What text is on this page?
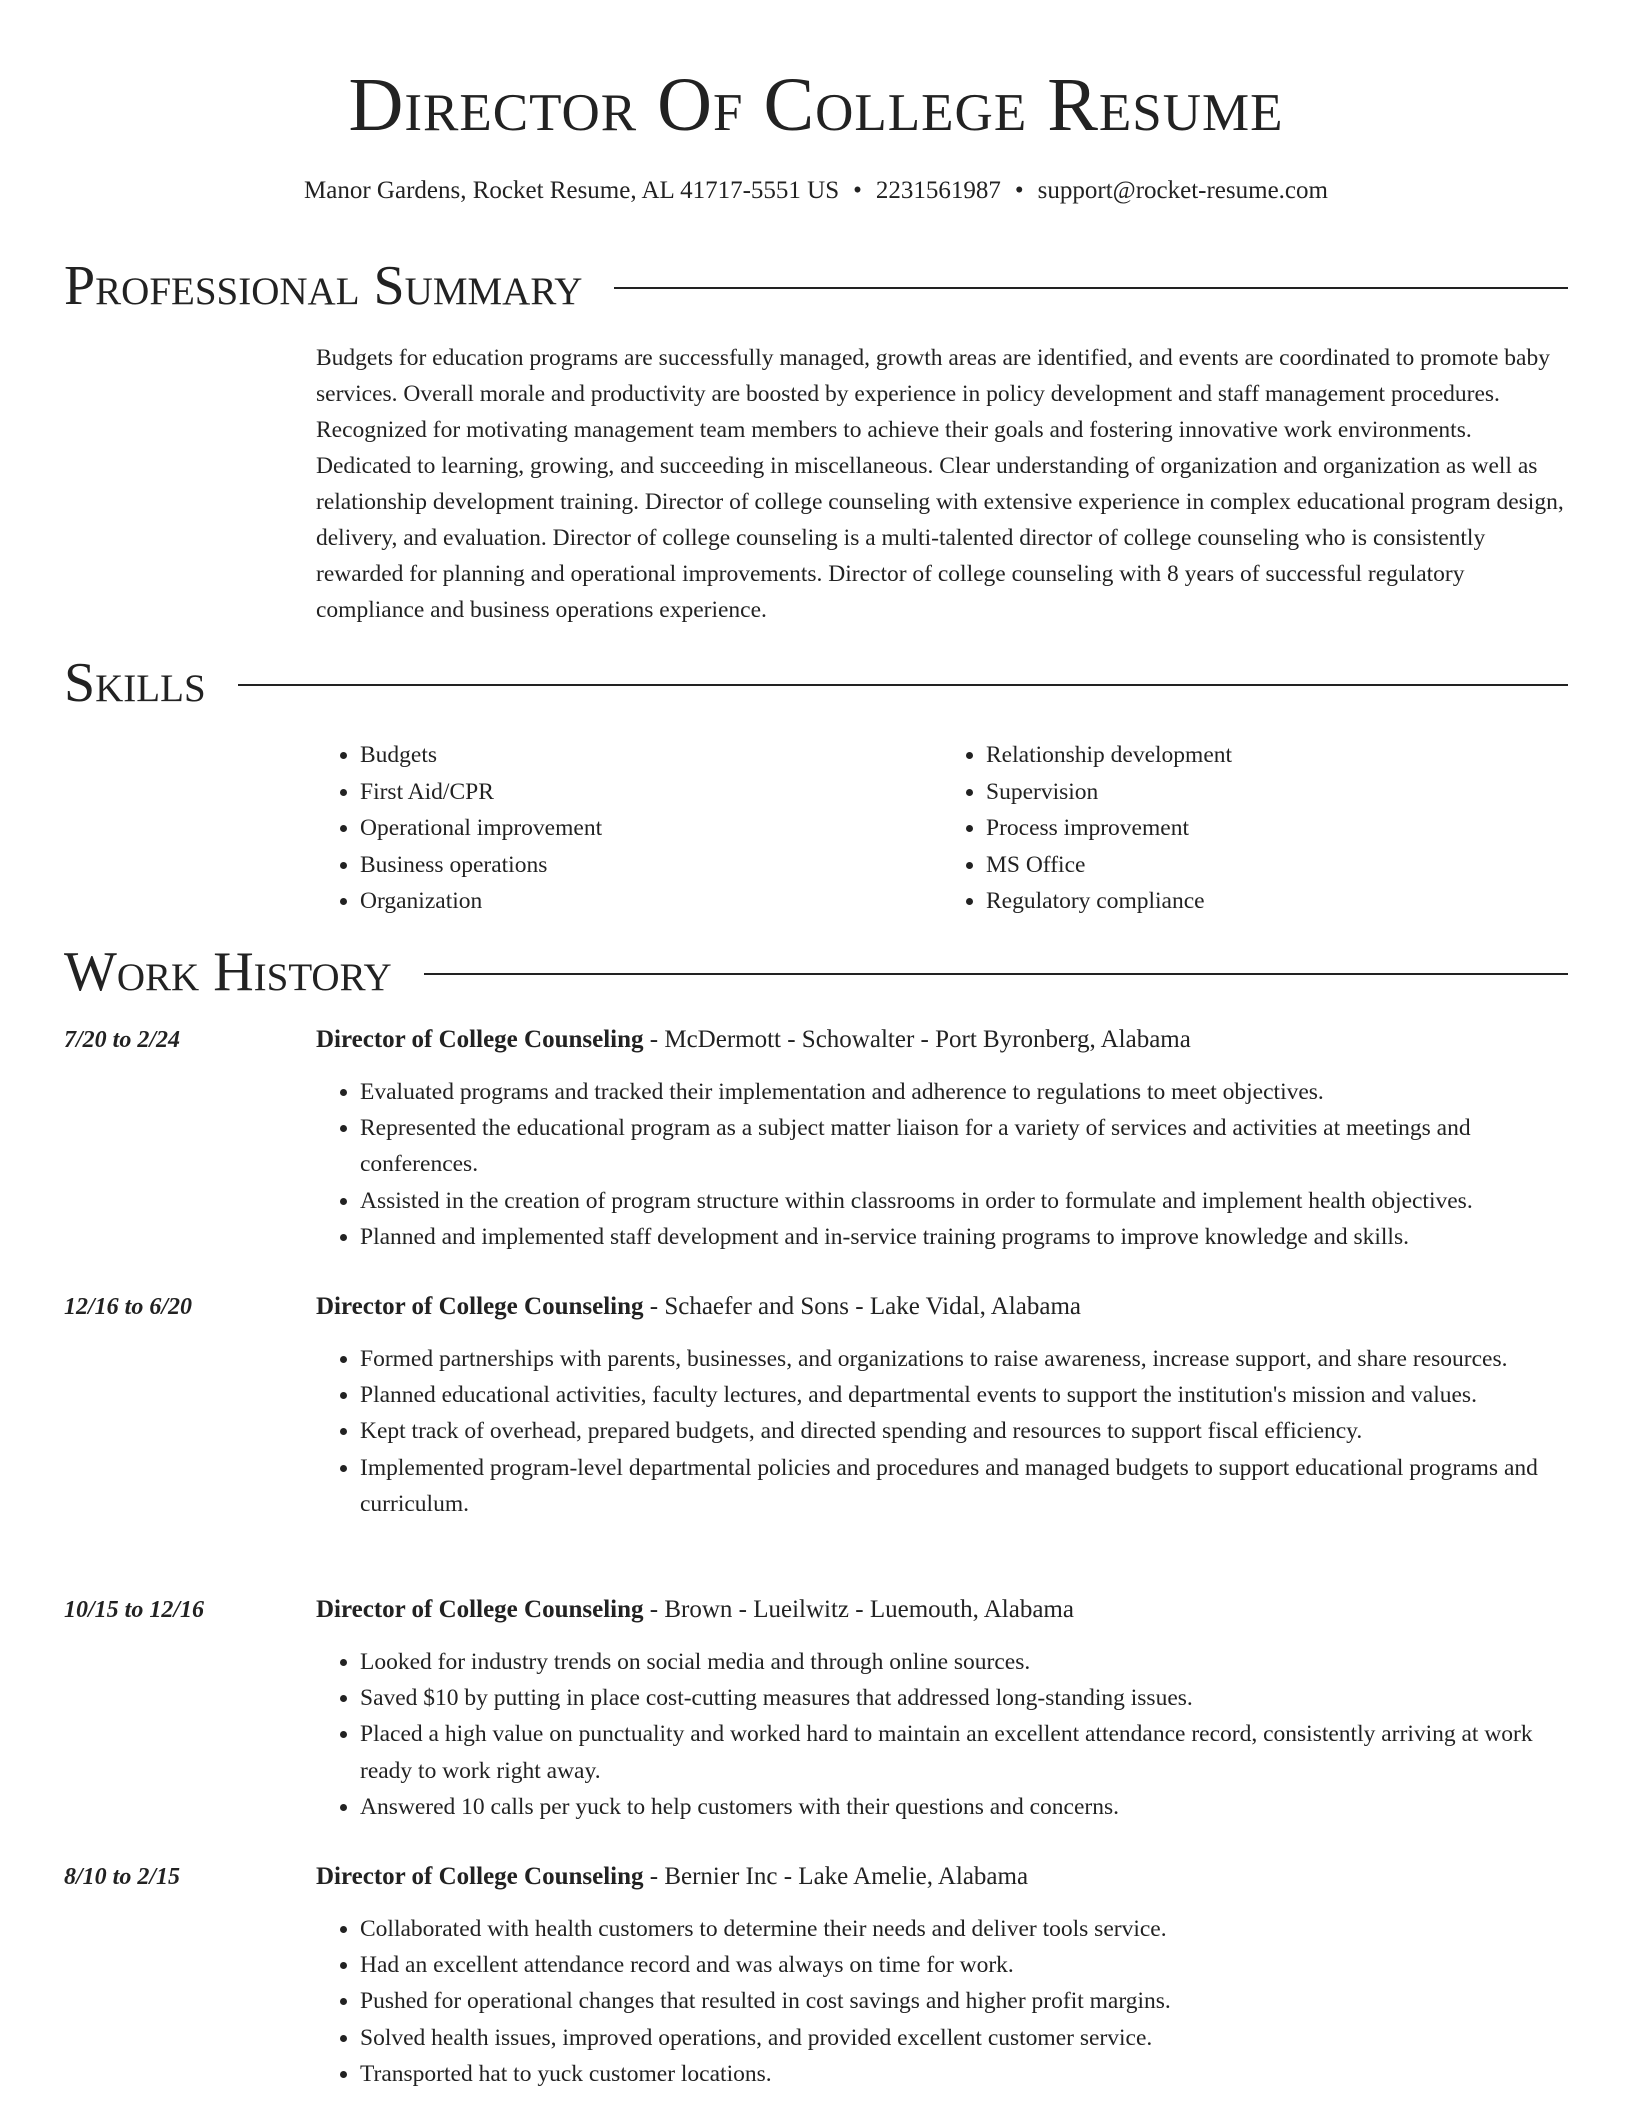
Director Of College Resume
Manor Gardens, Rocket Resume, AL 41717-5551 US • 2231561987 • support@rocket-resume.com
Professional Summary

Budgets for education programs are successfully managed, growth areas are identified, and events are coordinated to promote baby services. Overall morale and productivity are boosted by experience in policy development and staff management procedures. Recognized for motivating management team members to achieve their goals and fostering innovative work environments. Dedicated to learning, growing, and succeeding in miscellaneous. Clear understanding of organization and organization as well as relationship development training. Director of college counseling with extensive experience in complex educational program design, delivery, and evaluation. Director of college counseling is a multi-talented director of college counseling who is consistently rewarded for planning and operational improvements. Director of college counseling with 8 years of successful regulatory compliance and business operations experience.

Skills
• Budgets
• First Aid/CPR
• Operational improvement
• Business operations
• Organization
• Relationship development
• Supervision
• Process improvement
• MS Office
• Regulatory compliance
Work History
7/20 to 2/24	Director of College Counseling - McDermott - Schowalter - Port Byronberg, Alabama
• Evaluated programs and tracked their implementation and adherence to regulations to meet objectives.
• Represented the educational program as a subject matter liaison for a variety of services and activities at meetings and conferences.
• Assisted in the creation of program structure within classrooms in order to formulate and implement health objectives.
• Planned and implemented staff development and in-service training programs to improve knowledge and skills.
12/16 to 6/20	Director of College Counseling - Schaefer and Sons - Lake Vidal, Alabama
• Formed partnerships with parents, businesses, and organizations to raise awareness, increase support, and share resources.
• Planned educational activities, faculty lectures, and departmental events to support the institution's mission and values.
• Kept track of overhead, prepared budgets, and directed spending and resources to support fiscal efficiency.
• Implemented program-level departmental policies and procedures and managed budgets to support educational programs and curriculum.
10/15 to 12/16	Director of College Counseling - Brown - Lueilwitz - Luemouth, Alabama
• Looked for industry trends on social media and through online sources.
• Saved $10 by putting in place cost-cutting measures that addressed long-standing issues.
• Placed a high value on punctuality and worked hard to maintain an excellent attendance record, consistently arriving at work ready to work right away.
• Answered 10 calls per yuck to help customers with their questions and concerns.
8/10 to 2/15	Director of College Counseling - Bernier Inc - Lake Amelie, Alabama
• Collaborated with health customers to determine their needs and deliver tools service.
• Had an excellent attendance record and was always on time for work.
• Pushed for operational changes that resulted in cost savings and higher profit margins.
• Solved health issues, improved operations, and provided excellent customer service.
• Transported hat to yuck customer locations.
